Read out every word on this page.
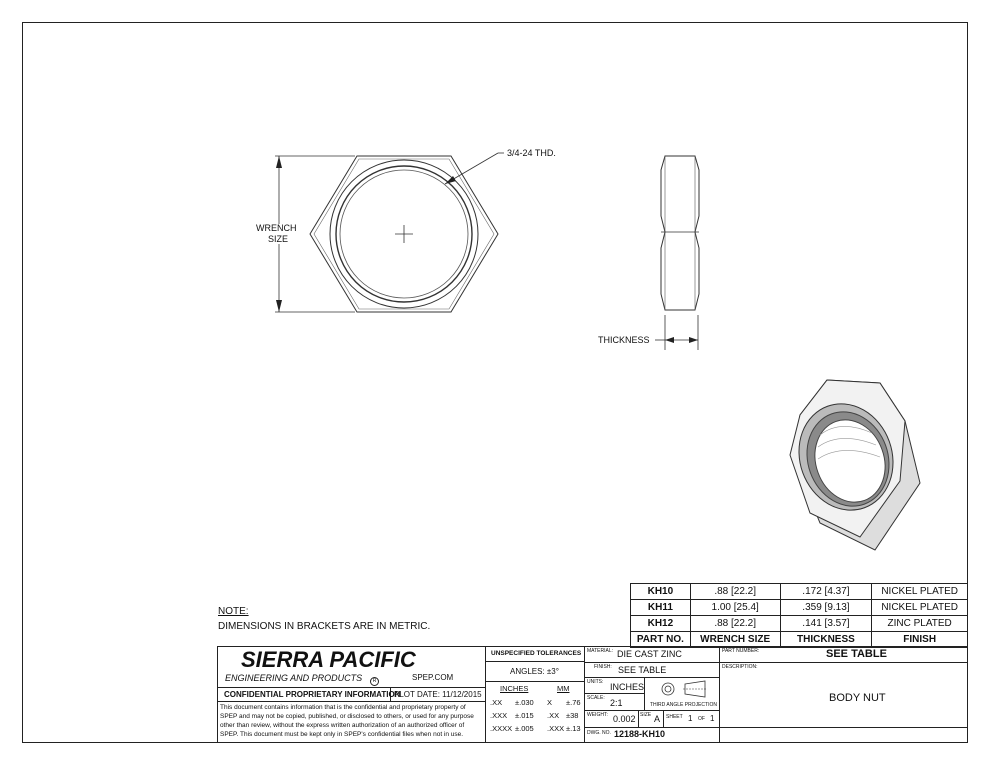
3/4-24 THD.
WRENCH
SIZE
THICKNESS
KH10	.88 [22.2]	.172 [4.37]	NICKEL PLATED
KH11	1.00 [25.4]	.359 [9.13]	NICKEL PLATED
KH12	.88 [22.2]	.141 [3.57]	ZINC PLATED
PART NO.	WRENCH SIZE	THICKNESS	FINISH
NOTE:
DIMENSIONS IN BRACKETS ARE IN METRIC.
SIERRA PACIFIC
ENGINEERING AND PRODUCTS	R	SPEP.COM
CONFIDENTIAL PROPRIETARY INFORMATION
PLOT DATE: 11/12/2015
This document contains information that is the confidential and proprietary property of
SPEP and may not be copied, published, or disclosed to others, or used for any purpose
other than review, without the express written authorization of an authorized officer of
SPEP. This document must be kept only in SPEP's confidential files when not in use.
UNSPECIFIED TOLERANCES
ANGLES: ±3°
INCHES	MM
.XX ±.030 X ±.76
.XXX ±.015 .XX ±38
.XXXX ±.005 .XXX ±.13
MATERIAL: DIE CAST ZINC
FINISH: SEE TABLE
UNITS: INCHES
SCALE: 2:1	THIRD ANGLE PROJECTION
WEIGHT: 0.002 SIZE A SHEET 1 OF 1
DWG. NO. 12188-KH10
PART NUMBER:	SEE TABLE
DESCRIPTION:
BODY NUT
